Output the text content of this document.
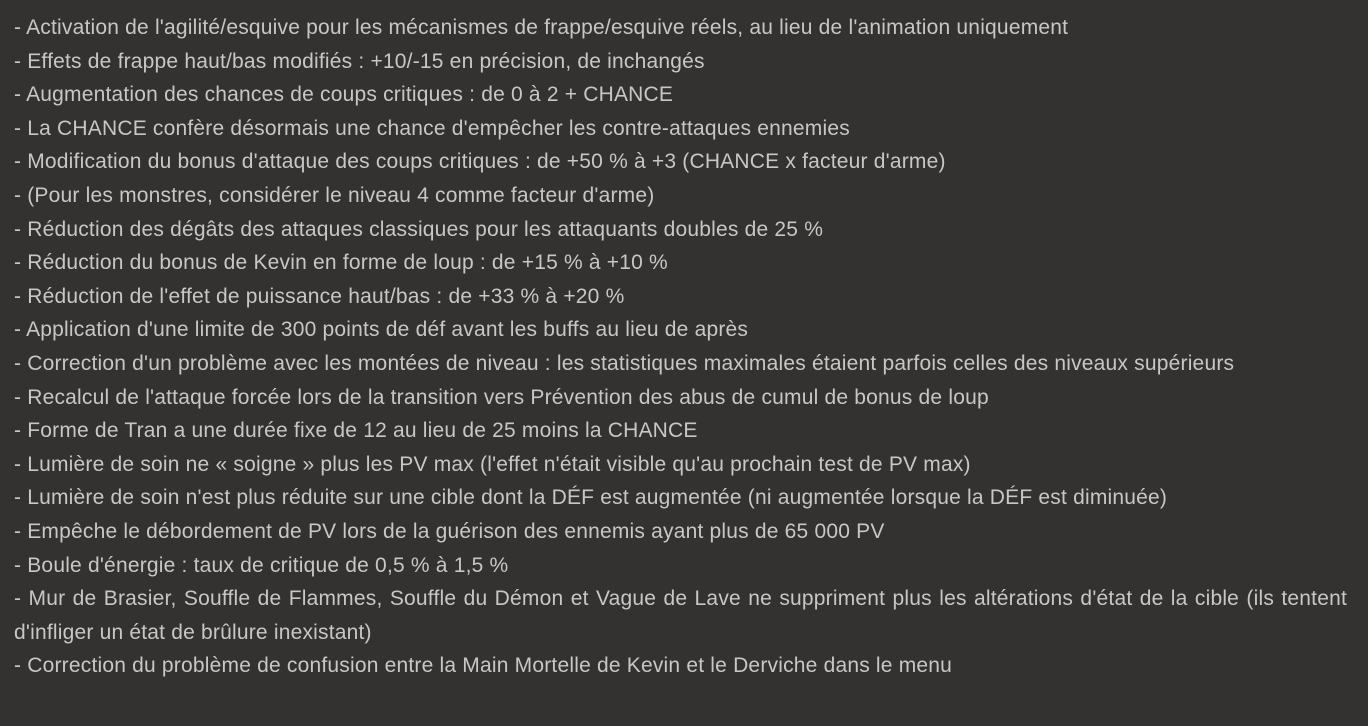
- Activation de l'agilité/esquive pour les mécanismes de frappe/esquive réels, au lieu de l'animation uniquement

- Effets de frappe haut/bas modifiés : +10/-15 en précision, de inchangés

- Augmentation des chances de coups critiques : de 0 à 2 + CHANCE

- La CHANCE confère désormais une chance d'empêcher les contre-attaques ennemies

- Modification du bonus d'attaque des coups critiques : de +50 % à +3 (CHANCE x facteur d'arme)

- (Pour les monstres, considérer le niveau 4 comme facteur d'arme)

- Réduction des dégâts des attaques classiques pour les attaquants doubles de 25 %

- Réduction du bonus de Kevin en forme de loup : de +15 % à +10 %

- Réduction de l'effet de puissance haut/bas : de +33 % à +20 %

- Application d'une limite de 300 points de déf avant les buffs au lieu de après

- Correction d'un problème avec les montées de niveau : les statistiques maximales étaient parfois celles des niveaux supérieurs

- Recalcul de l'attaque forcée lors de la transition vers Prévention des abus de cumul de bonus de loup

- Forme de Tran a une durée fixe de 12 au lieu de 25 moins la CHANCE

- Lumière de soin ne « soigne » plus les PV max (l'effet n'était visible qu'au prochain test de PV max)

- Lumière de soin n'est plus réduite sur une cible dont la DÉF est augmentée (ni augmentée lorsque la DÉF est diminuée)

- Empêche le débordement de PV lors de la guérison des ennemis ayant plus de 65 000 PV

- Boule d'énergie : taux de critique de 0,5 % à 1,5 %

- Mur de Brasier, Souffle de Flammes, Souffle du Démon et Vague de Lave ne suppriment plus les altérations d'état de la cible (ils tentent d'infliger un état de brûlure inexistant)

- Correction du problème de confusion entre la Main Mortelle de Kevin et le Derviche dans le menu
